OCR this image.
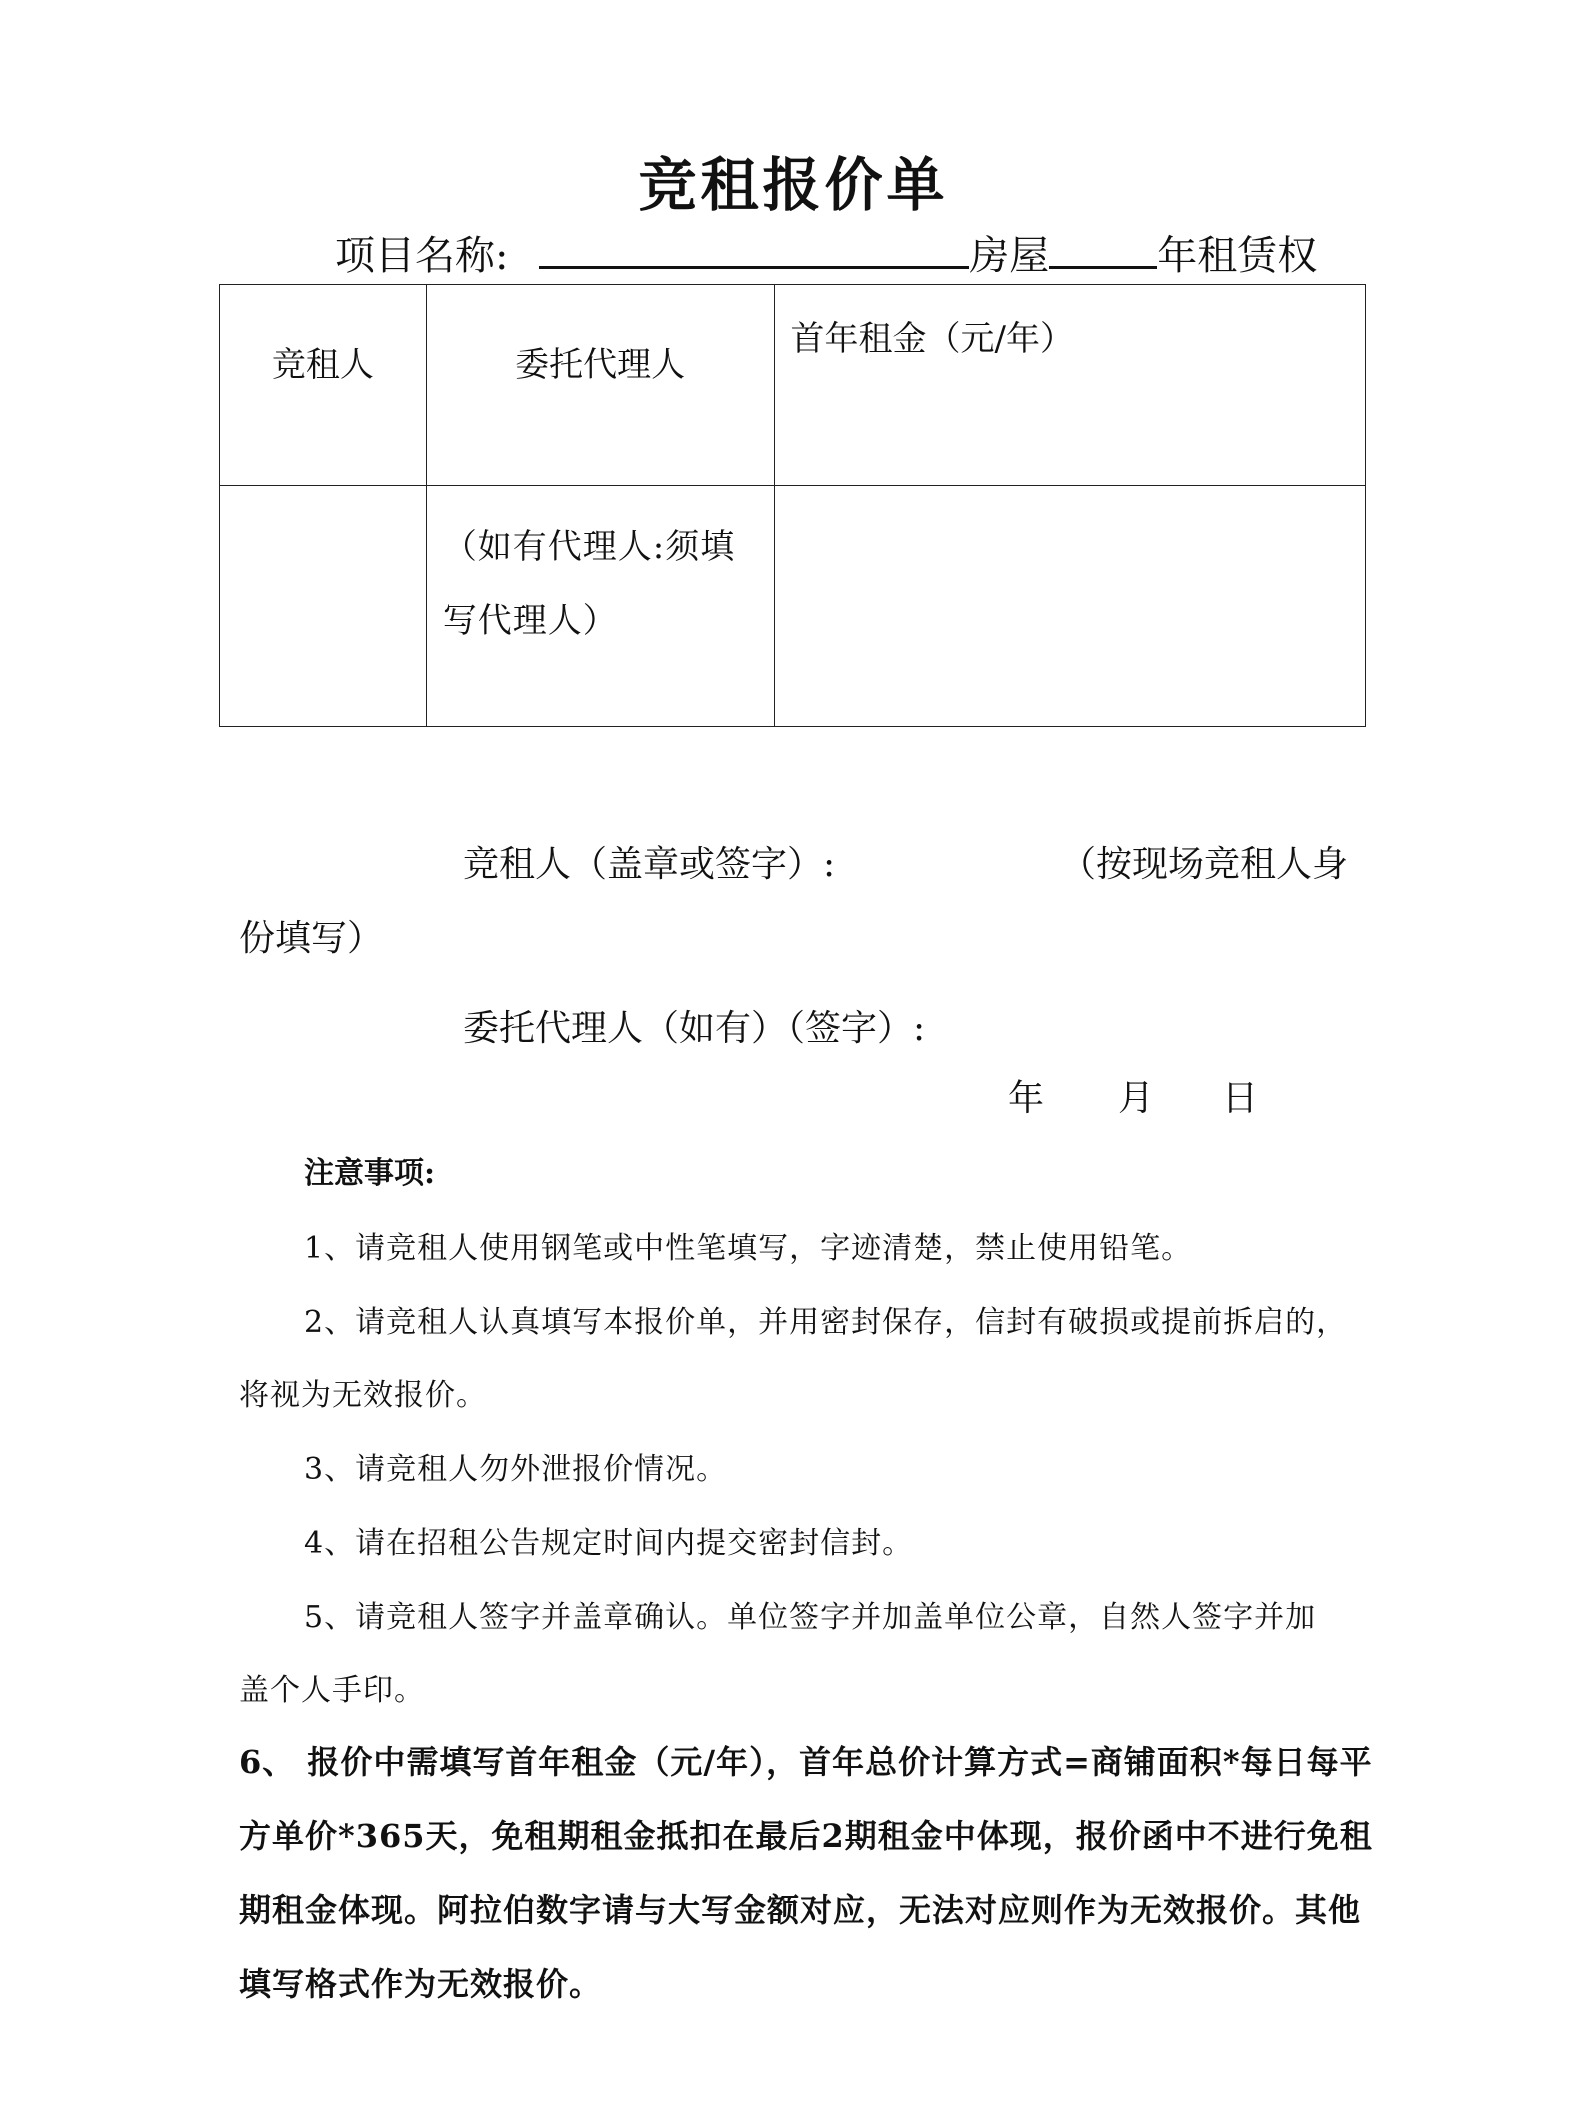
竞租报价单
项目名称:	房屋	年租赁权
竞租人	委托代理人	首年租金（元/年）

	（如有代理人:须填写代理人）	

竞租人（盖章或签字）:	（按现场竞租人身
份填写）
委托代理人（如有）（签字）:
年 月 日
注意事项:
1、请竞租人使用钢笔或中性笔填写，字迹清楚，禁止使用铅笔。
2、请竞租人认真填写本报价单，并用密封保存，信封有破损或提前拆启的，
将视为无效报价。
3、请竞租人勿外泄报价情况。
4、请在招租公告规定时间内提交密封信封。
5、请竞租人签字并盖章确认。单位签字并加盖单位公章，自然人签字并加
盖个人手印。
6、 报价中需填写首年租金（元/年），首年总价计算方式=商铺面积*每日每平
方单价*365天，免租期租金抵扣在最后2期租金中体现，报价函中不进行免租
期租金体现。阿拉伯数字请与大写金额对应，无法对应则作为无效报价。其他
填写格式作为无效报价。
